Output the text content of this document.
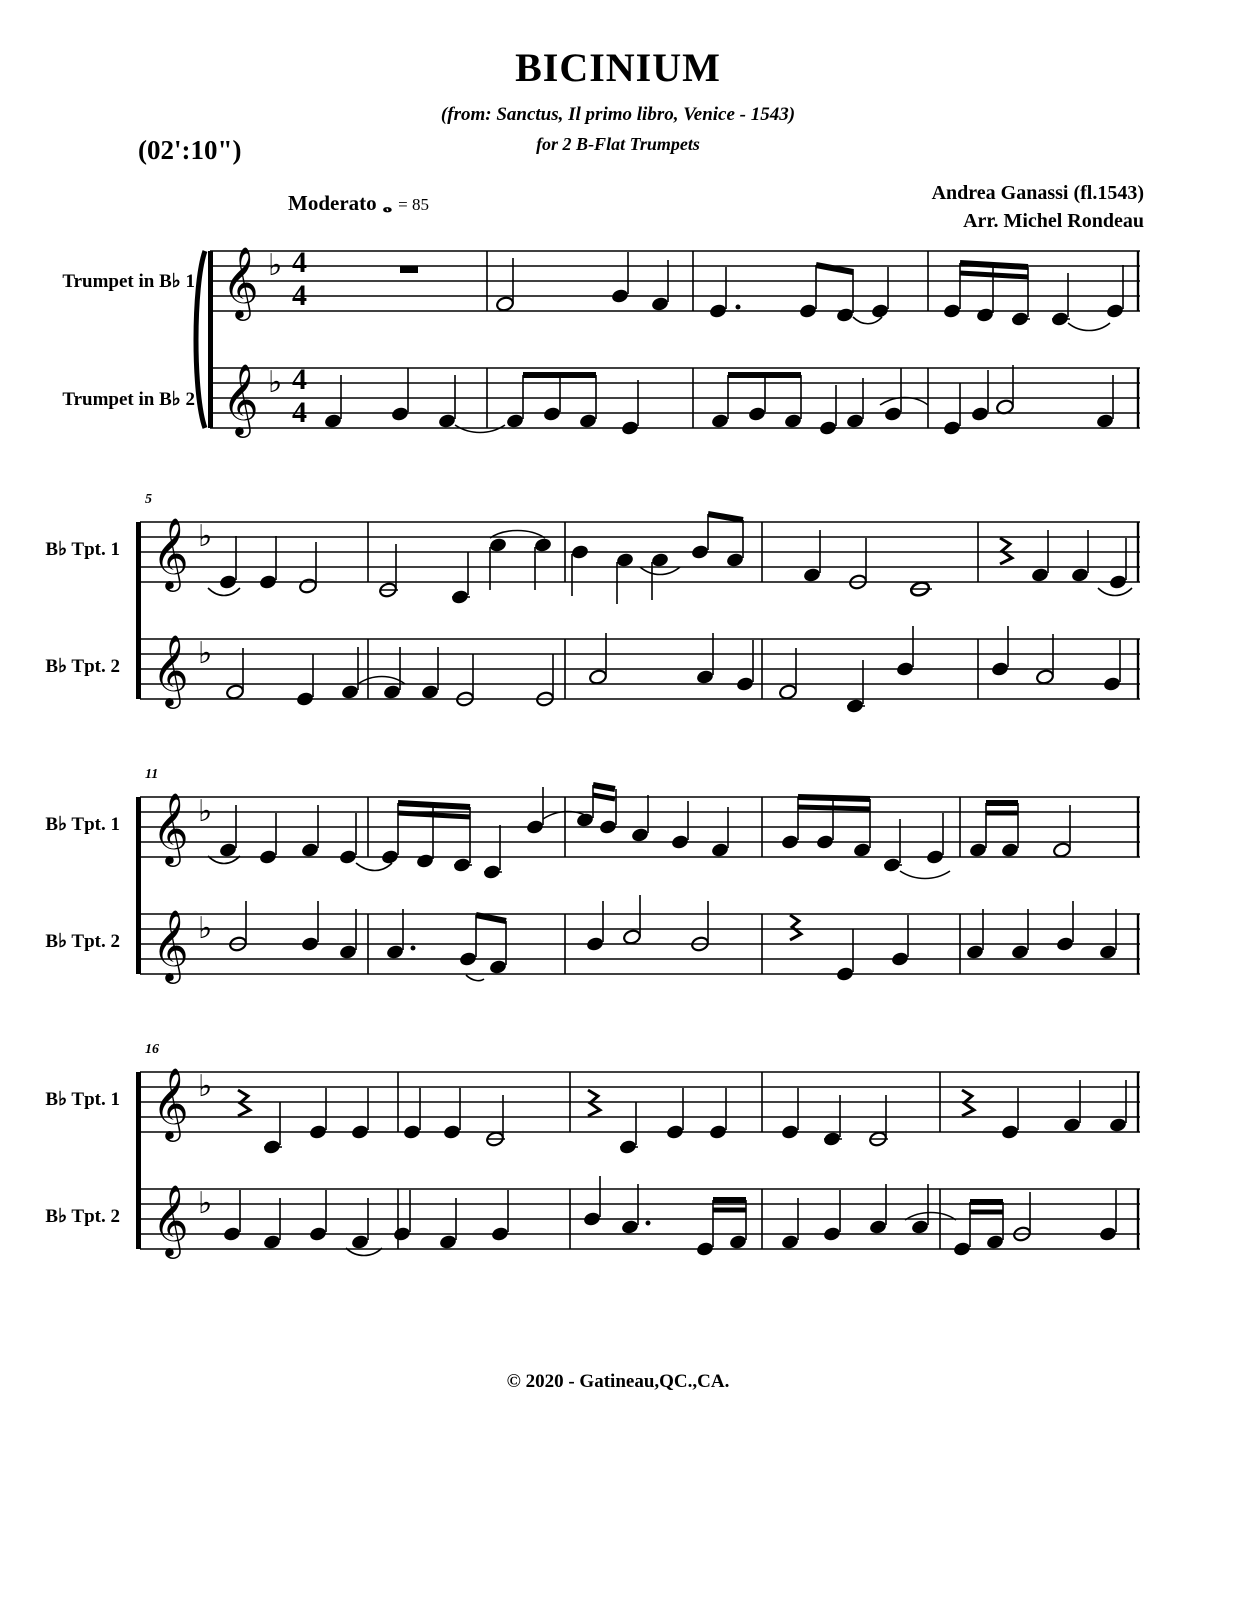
BICINIUM
(from: Sanctus, Il primo libro, Venice - 1543)
for 2 B-Flat Trumpets
(02':10")
Andrea Ganassi (fl.1543)
Arr. Michel Rondeau
Moderato 𝅝 = 85
Trumpet in B♭ 1
Trumpet in B♭ 2
𝄞
𝄞
♭
♭
4
4
4
4
5
B♭ Tpt. 1
B♭ Tpt. 2
𝄞
𝄞
♭
♭
11
B♭ Tpt. 1
B♭ Tpt. 2
𝄞
𝄞
♭
♭
16
B♭ Tpt. 1
B♭ Tpt. 2
𝄞
𝄞
♭
♭
© 2020 - Gatineau,QC.,CA.
